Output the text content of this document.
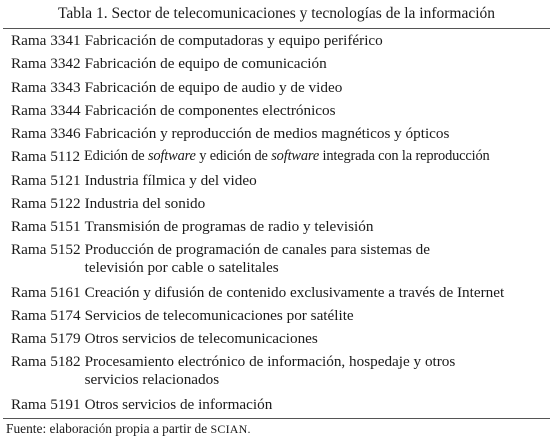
Tabla 1. Sector de telecomunicaciones y tecnologías de la información
Rama 3341 Fabricación de computadoras y equipo periférico
Rama 3342 Fabricación de equipo de comunicación
Rama 3343 Fabricación de equipo de audio y de video
Rama 3344 Fabricación de componentes electrónicos
Rama 3346 Fabricación y reproducción de medios magnéticos y ópticos
Rama 5112 Edición de software y edición de software integrada con la reproducción
Rama 5121 Industria fílmica y del video
Rama 5122 Industria del sonido
Rama 5151 Transmisión de programas de radio y televisión
Rama 5152 Producción de programación de canales para sistemas de televisión por cable o satelitales
Rama 5161 Creación y difusión de contenido exclusivamente a través de Internet
Rama 5174 Servicios de telecomunicaciones por satélite
Rama 5179 Otros servicios de telecomunicaciones
Rama 5182 Procesamiento electrónico de información, hospedaje y otros servicios relacionados
Rama 5191 Otros servicios de información
Fuente: elaboración propia a partir de SCIAN.
